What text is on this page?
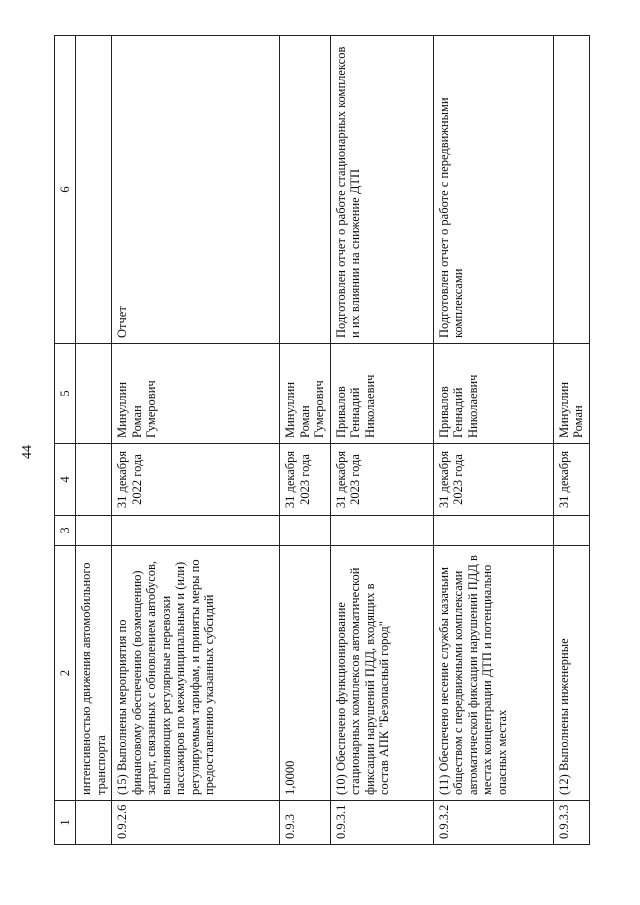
44
1	2	3	4	5	6
	интенсивностью движения автомобильного транспорта				
0.9.2.6	(15) Выполнены мероприятия по финансовому обеспечению (возмещению) затрат, связанных с обновлением автобусов, выполняющих регулярные перевозки пассажиров по межмуниципальным и (или) регулируемым тарифам, и приняты меры по предоставлению указанных субсидий		31 декабря 2022 года	Минуллин Роман Гумерович	Отчет
0.9.3	1,0000		31 декабря 2023 года	Минуллин Роман Гумерович	
0.9.3.1	(10) Обеспечено функционирование стационарных комплексов автоматической фиксации нарушений ПДД, входящих в состав АПК "Безопасный город"		31 декабря 2023 года	Привалов Геннадий Николаевич	Подготовлен отчет о работе стационарных комплексов и их влиянии на снижение ДТП
0.9.3.2	(11) Обеспечено несение службы казачьим обществом с передвижными комплексами автоматической фиксации нарушений ПДД в местах концентрации ДТП и потенциально опасных местах		31 декабря 2023 года	Привалов Геннадий Николаевич	Подготовлен отчет о работе с передвижными комплексами
0.9.3.3	(12) Выполнены инженерные		31 декабря	Минуллин Роман	
